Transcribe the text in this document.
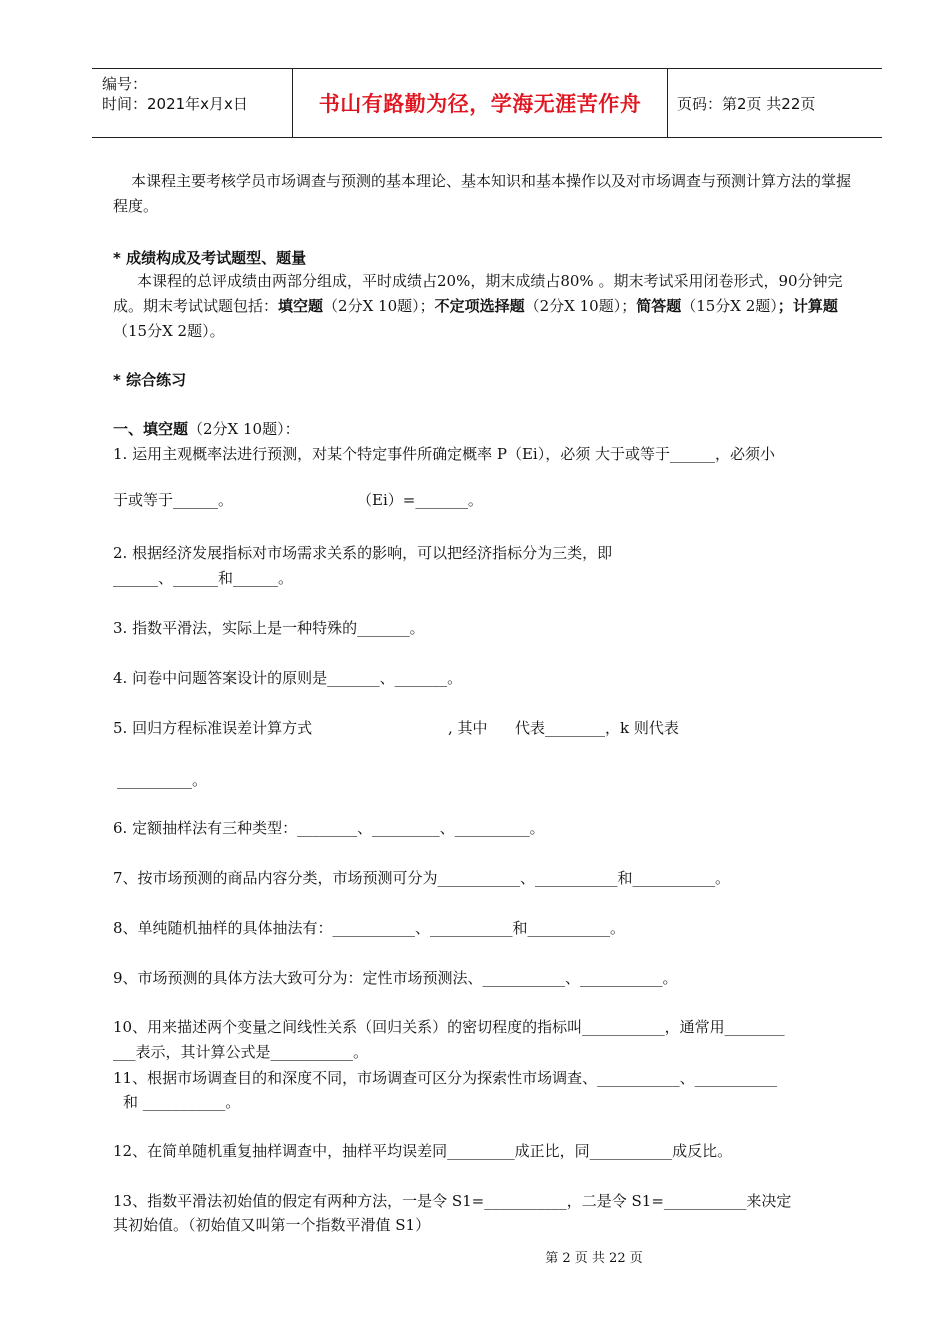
编号：
时间：2021年x月x日	书山有路勤为径，学海无涯苦作舟	页码：第2页 共22页
本课程主要考核学员市场调查与预测的基本理论、基本知识和基本操作以及对市场调查与预测计算方法的掌握程度。
* 成绩构成及考试题型、题量
本课程的总评成绩由两部分组成，平时成绩占20%，期末成绩占80% 。期末考试采用闭卷形式，90分钟完成。期末考试试题包括：填空题（2分X 10题）；不定项选择题（2分X 10题）；简答题（15分X 2题）；计算题（15分X 2题）。
* 综合练习
一、填空题（2分X 10题）：
1. 运用主观概率法进行预测，对某个特定事件所确定概率 P（Ei），必须 大于或等于______，必须小
于或等于______。	（Ei）=_______。
2. 根据经济发展指标对市场需求关系的影响，可以把经济指标分为三类，即
______、______和______。
3. 指数平滑法，实际上是一种特殊的_______。
4. 问卷中问题答案设计的原则是_______、_______。
5. 回归方程标准误差计算方式	, 其中 代表________，k 则代表
__________。
6. 定额抽样法有三种类型：________、_________、__________。
7、按市场预测的商品内容分类，市场预测可分为___________、___________和___________。
8、单纯随机抽样的具体抽法有：___________、___________和___________。
9、市场预测的具体方法大致可分为：定性市场预测法、___________、___________。
10、用来描述两个变量之间线性关系（回归关系）的密切程度的指标叫___________，通常用________
___表示，其计算公式是___________。
11、根据市场调查目的和深度不同，市场调查可区分为探索性市场调查、___________、___________
和 ___________。
12、在简单随机重复抽样调查中，抽样平均误差同_________成正比，同___________成反比。
13、指数平滑法初始值的假定有两种方法，一是令 S1=___________，二是令 S1=___________来决定
其初始值。（初始值又叫第一个指数平滑值 S1）
第 2 页 共 22 页
